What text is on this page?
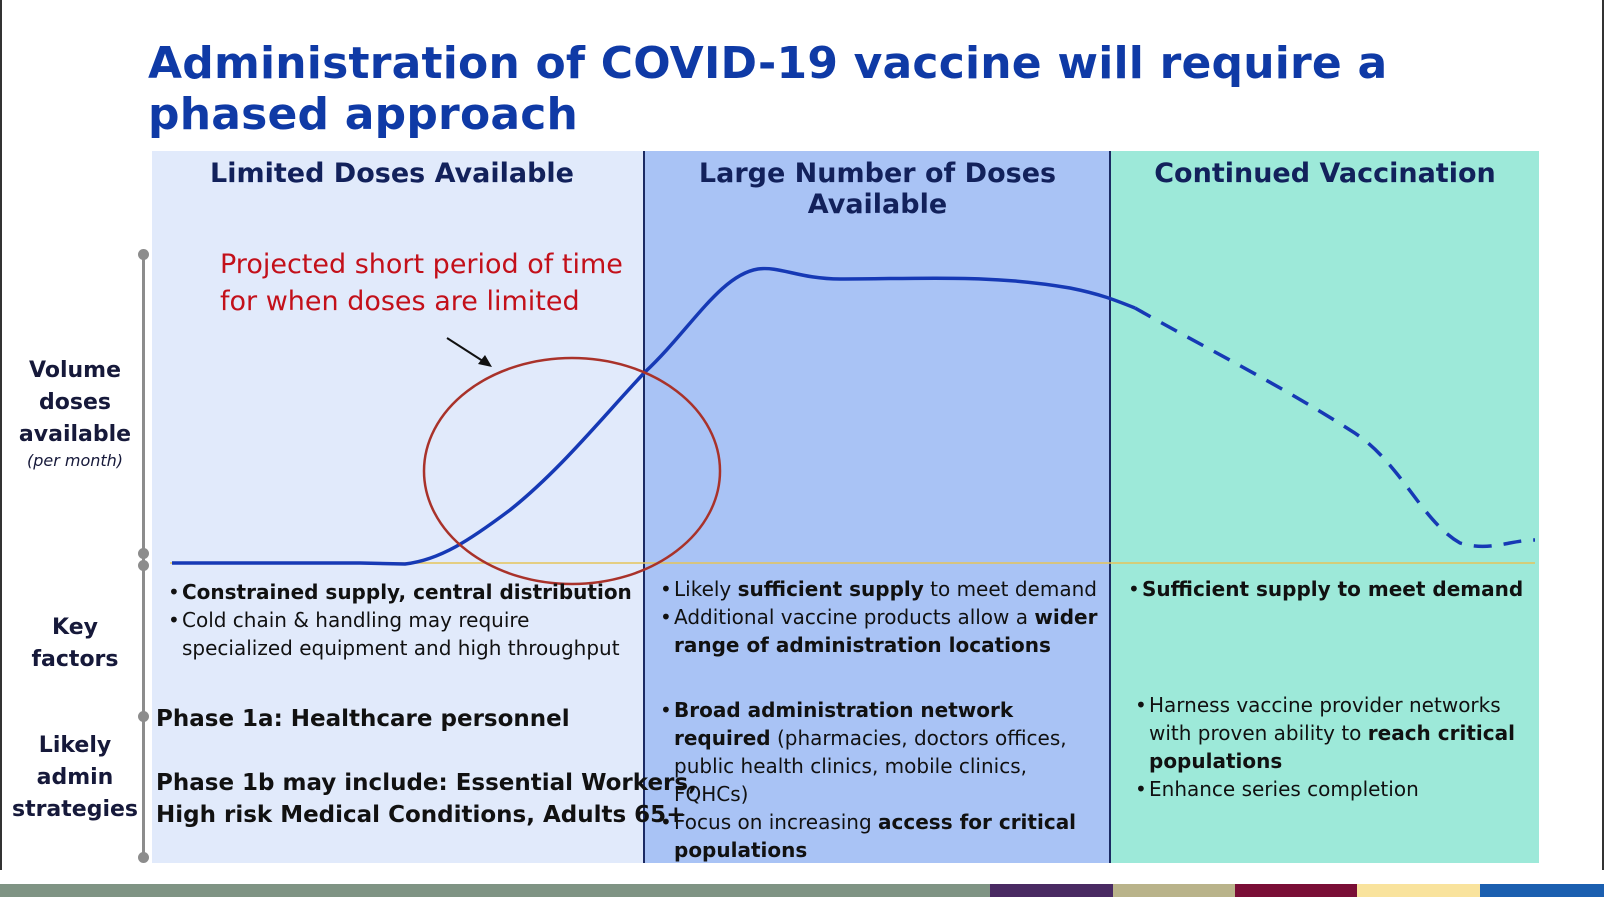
Administration of COVID-19 vaccine will require a phased approach
Limited Doses Available	Large Number of Doses Available
Continued Vaccination
Volume
doses
available
(per month)
Key
factors
Likely
admin
strategies
Projected short period of time
for when doses are limited
• Constrained supply, central distribution
• Cold chain & handling may require specialized equipment and high throughput
• Likely sufficient supply to meet demand
• Additional vaccine products allow a wider range of administration locations
• Sufficient supply to meet demand
Phase 1a: Healthcare personnel
Phase 1b may include: Essential Workers,
High risk Medical Conditions, Adults 65+
• Broad administration network required (pharmacies, doctors offices, public health clinics, mobile clinics, FQHCs)
• Focus on increasing access for critical populations
• Harness vaccine provider networks with proven ability to reach critical populations
• Enhance series completion
